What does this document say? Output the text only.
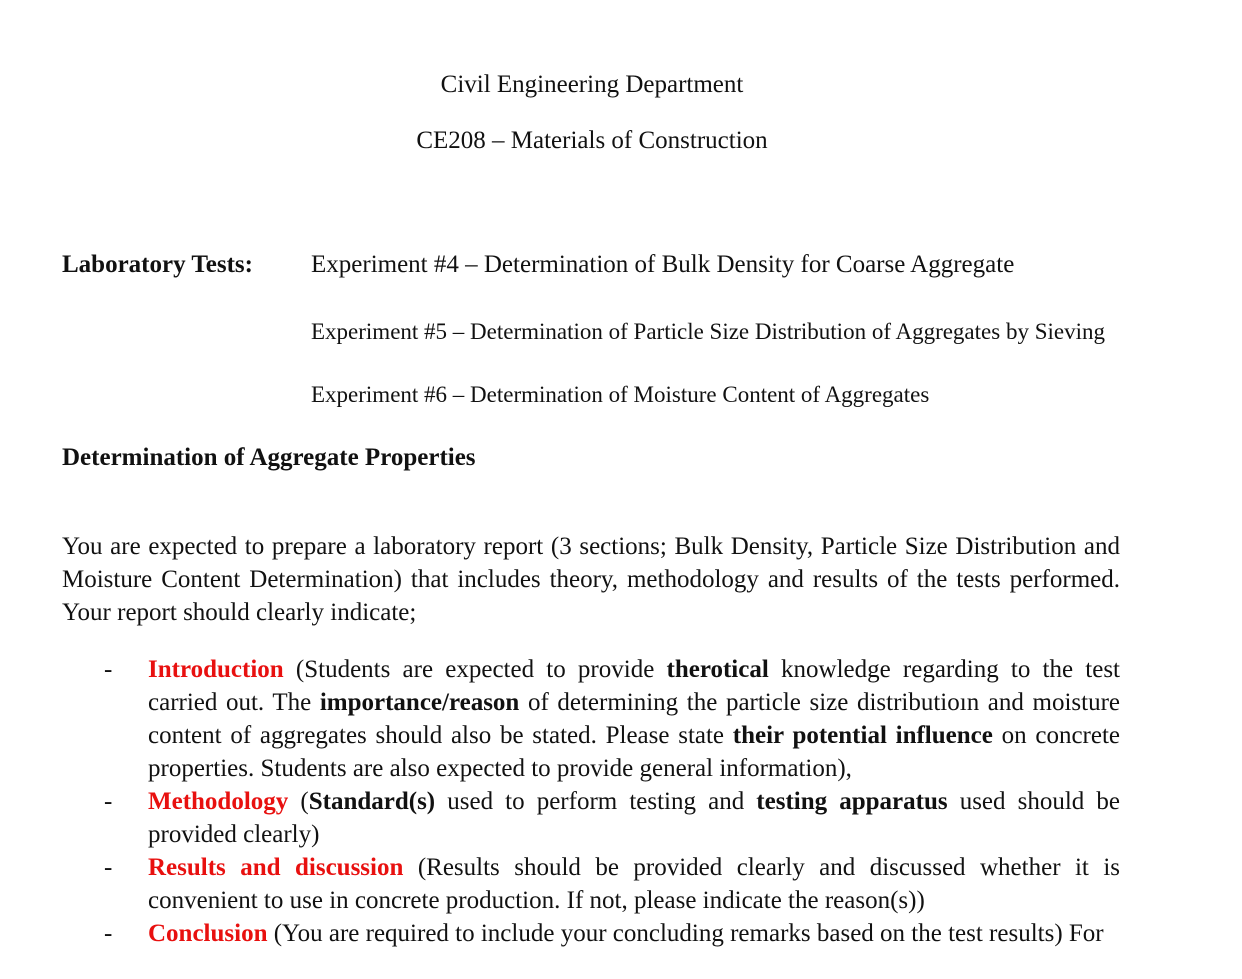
Civil Engineering Department
CE208 – Materials of Construction
Laboratory Tests: Experiment #4 – Determination of Bulk Density for Coarse Aggregate
Experiment #5 – Determination of Particle Size Distribution of Aggregates by Sieving
Experiment #6 – Determination of Moisture Content of Aggregates
Determination of Aggregate Properties

You are expected to prepare a laboratory report (3 sections; Bulk Density, Particle Size Distribution and Moisture Content Determination) that includes theory, methodology and results of the tests performed. Your report should clearly indicate;

-	Introduction (Students are expected to provide therotical knowledge regarding to the test carried out. The importance/reason of determining the particle size distributioın and moisture content of aggregates should also be stated. Please state their potential influence on concrete properties. Students are also expected to provide general information),
-	Methodology (Standard(s) used to perform testing and testing apparatus used should be provided clearly)
-	Results and discussion (Results should be provided clearly and discussed whether it is convenient to use in concrete production. If not, please indicate the reason(s))
-	Conclusion (You are required to include your concluding remarks based on the test results) For
